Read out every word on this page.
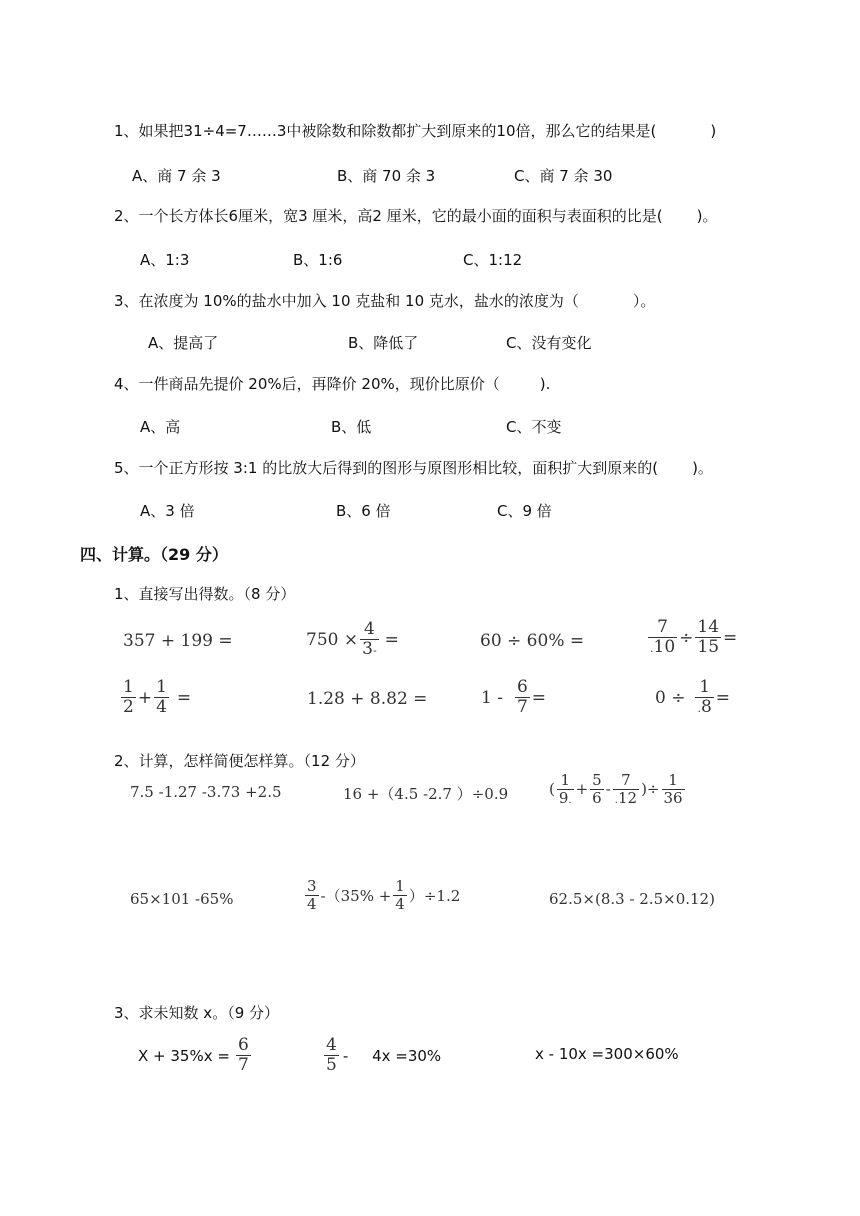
1、如果把31÷4=7……3中被除数和除数都扩大到原来的10倍，那么它的结果是(	)
A、商 7 余 3	B、商 70 余 3	C、商 7 余 30
2、一个长方体长6厘米，宽3 厘米，高2 厘米，它的最小面的面积与表面积的比是( )。
A、1:3	B、1:6	C、1:12
3、在浓度为 10%的盐水中加入 10 克盐和 10 克水，盐水的浓度为（	）。
A、提高了	B、降低了	C、没有变化
4、一件商品先提价 20%后，再降价 20%，现价比原价（	).
A、高	B、低	C、不变
5、一个正方形按 3:1 的比放大后得到的图形与原图形相比较，面积扩大到原来的( )。
A、3 倍	B、6 倍	C、9 倍
四、计算。（29 分）
1、直接写出得数。（8 分）
357 + 199 =	$750 \times \frac{4}{3-}$ =	60 ÷ 60% =	$\frac{7}{.10} \div \frac{14}{15}$ =
$\frac{1}{2} + \frac{1}{4}$ =	1.28 + 8.82 =	$1 - \frac{6}{7}$ =	$0 \div \frac{1}{.8}$ =
2、计算，怎样简便怎样算。（12 分）
7.5 -1.27 -3.73 +2.5	16 +（4.5 -2.7 ）÷0.9	( $\frac{1}{9.} + \frac{5}{6} - \frac{7}{.12}$ )÷ $\frac{1}{36}$
65×101 -65%	$\frac{3}{4} -(35\% + \frac{1}{4} )\div 1.2$	62.5×(8.3 - 2.5×0.12)
3、求未知数 x。（9 分）
$X + 35\%x = \frac{6}{7}$	$\frac{4}{5}$ -     4x =30%	x - 10x =300×60%
